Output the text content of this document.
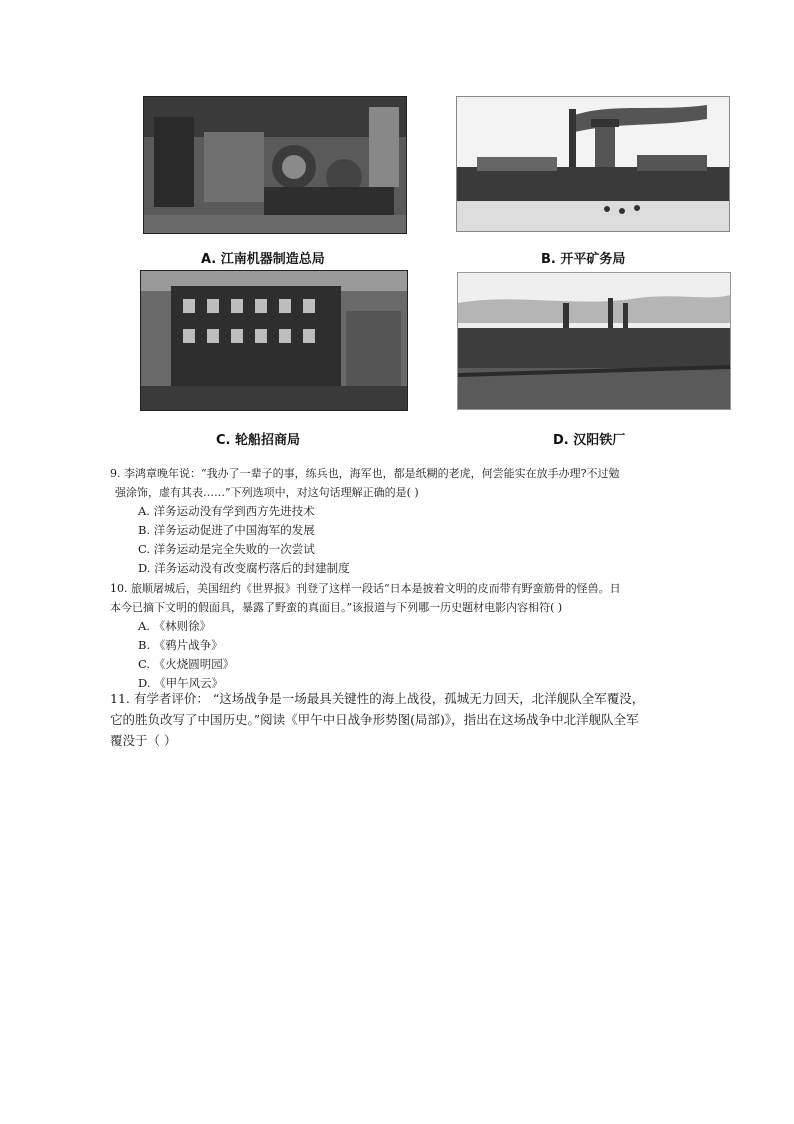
A. 江南机器制造总局	B. 开平矿务局
C. 轮船招商局	D. 汉阳铁厂

9. 李鸿章晚年说：“我办了一辈子的事，练兵也，海军也，都是纸糊的老虎，何尝能实在放手办理?不过勉

强涂饰，虚有其表……”下列选项中，对这句话理解正确的是( )

A. 洋务运动没有学到西方先进技术

B. 洋务运动促进了中国海军的发展

C. 洋务运动是完全失败的一次尝试

D. 洋务运动没有改变腐朽落后的封建制度

10. 旅顺屠城后，美国纽约《世界报》刊登了这样一段话“日本是披着文明的皮而带有野蛮筋骨的怪兽。日

本今已摘下文明的假面具，暴露了野蛮的真面目。”该报道与下列哪一历史题材电影内容相符( )

A. 《林则徐》

B. 《鸦片战争》

C. 《火烧圆明园》

D. 《甲午风云》

11. 有学者评价： “这场战争是一场最具关键性的海上战役，孤城无力回天，北洋舰队全军覆没，

它的胜负改写了中国历史。”阅读《甲午中日战争形势图(局部)》，指出在这场战争中北洋舰队全军

覆没于（ ）
